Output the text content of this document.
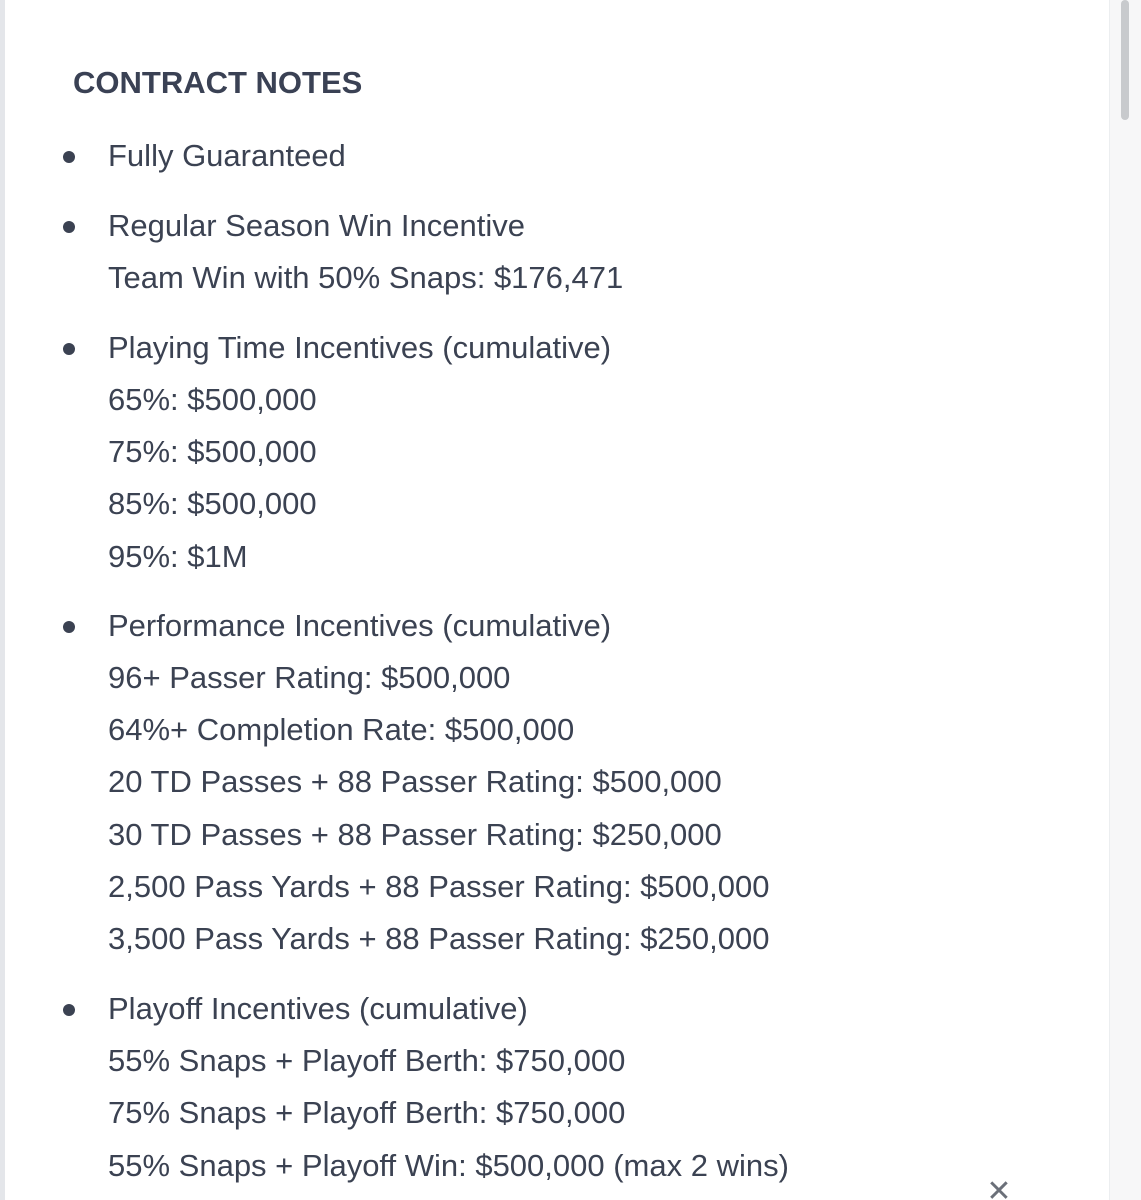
CONTRACT NOTES
Fully Guaranteed
Regular Season Win Incentive
Team Win with 50% Snaps: $176,471
Playing Time Incentives (cumulative)
65%: $500,000
75%: $500,000
85%: $500,000
95%: $1M
Performance Incentives (cumulative)
96+ Passer Rating: $500,000
64%+ Completion Rate: $500,000
20 TD Passes + 88 Passer Rating: $500,000
30 TD Passes + 88 Passer Rating: $250,000
2,500 Pass Yards + 88 Passer Rating: $500,000
3,500 Pass Yards + 88 Passer Rating: $250,000
Playoff Incentives (cumulative)
55% Snaps + Playoff Berth: $750,000
75% Snaps + Playoff Berth: $750,000
55% Snaps + Playoff Win: $500,000 (max 2 wins)
✕
